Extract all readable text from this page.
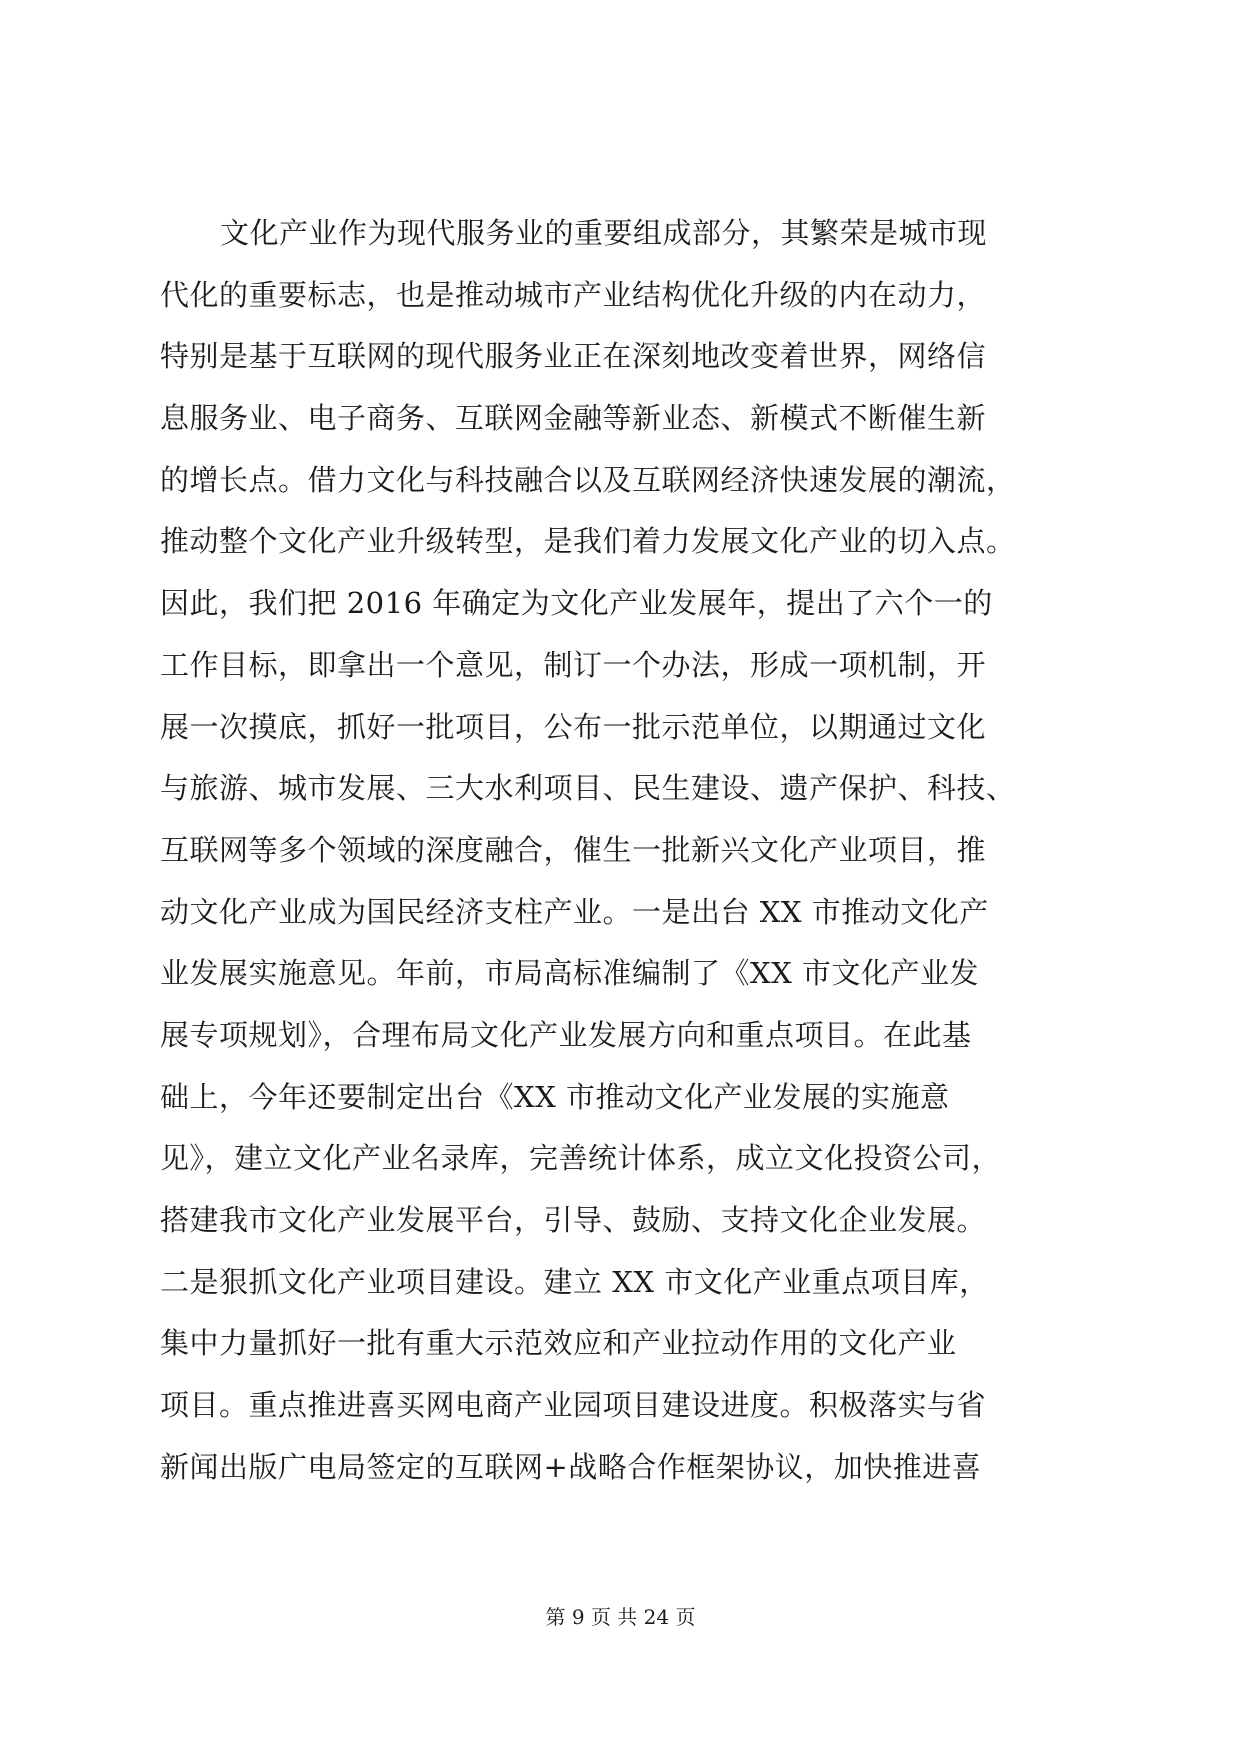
文化产业作为现代服务业的重要组成部分，其繁荣是城市现
代化的重要标志，也是推动城市产业结构优化升级的内在动力，
特别是基于互联网的现代服务业正在深刻地改变着世界，网络信
息服务业、电子商务、互联网金融等新业态、新模式不断催生新
的增长点。借力文化与科技融合以及互联网经济快速发展的潮流，
推动整个文化产业升级转型，是我们着力发展文化产业的切入点。
因此，我们把 2016 年确定为文化产业发展年，提出了六个一的
工作目标，即拿出一个意见，制订一个办法，形成一项机制，开
展一次摸底，抓好一批项目，公布一批示范单位，以期通过文化
与旅游、城市发展、三大水利项目、民生建设、遗产保护、科技、
互联网等多个领域的深度融合，催生一批新兴文化产业项目，推
动文化产业成为国民经济支柱产业。一是出台 XX 市推动文化产
业发展实施意见。年前，市局高标准编制了《XX 市文化产业发
展专项规划》，合理布局文化产业发展方向和重点项目。在此基
础上，今年还要制定出台《XX 市推动文化产业发展的实施意
见》，建立文化产业名录库，完善统计体系，成立文化投资公司，
搭建我市文化产业发展平台，引导、鼓励、支持文化企业发展。
二是狠抓文化产业项目建设。建立 XX 市文化产业重点项目库，
集中力量抓好一批有重大示范效应和产业拉动作用的文化产业
项目。重点推进喜买网电商产业园项目建设进度。积极落实与省
新闻出版广电局签定的互联网+战略合作框架协议，加快推进喜
第 9 页 共 24 页
